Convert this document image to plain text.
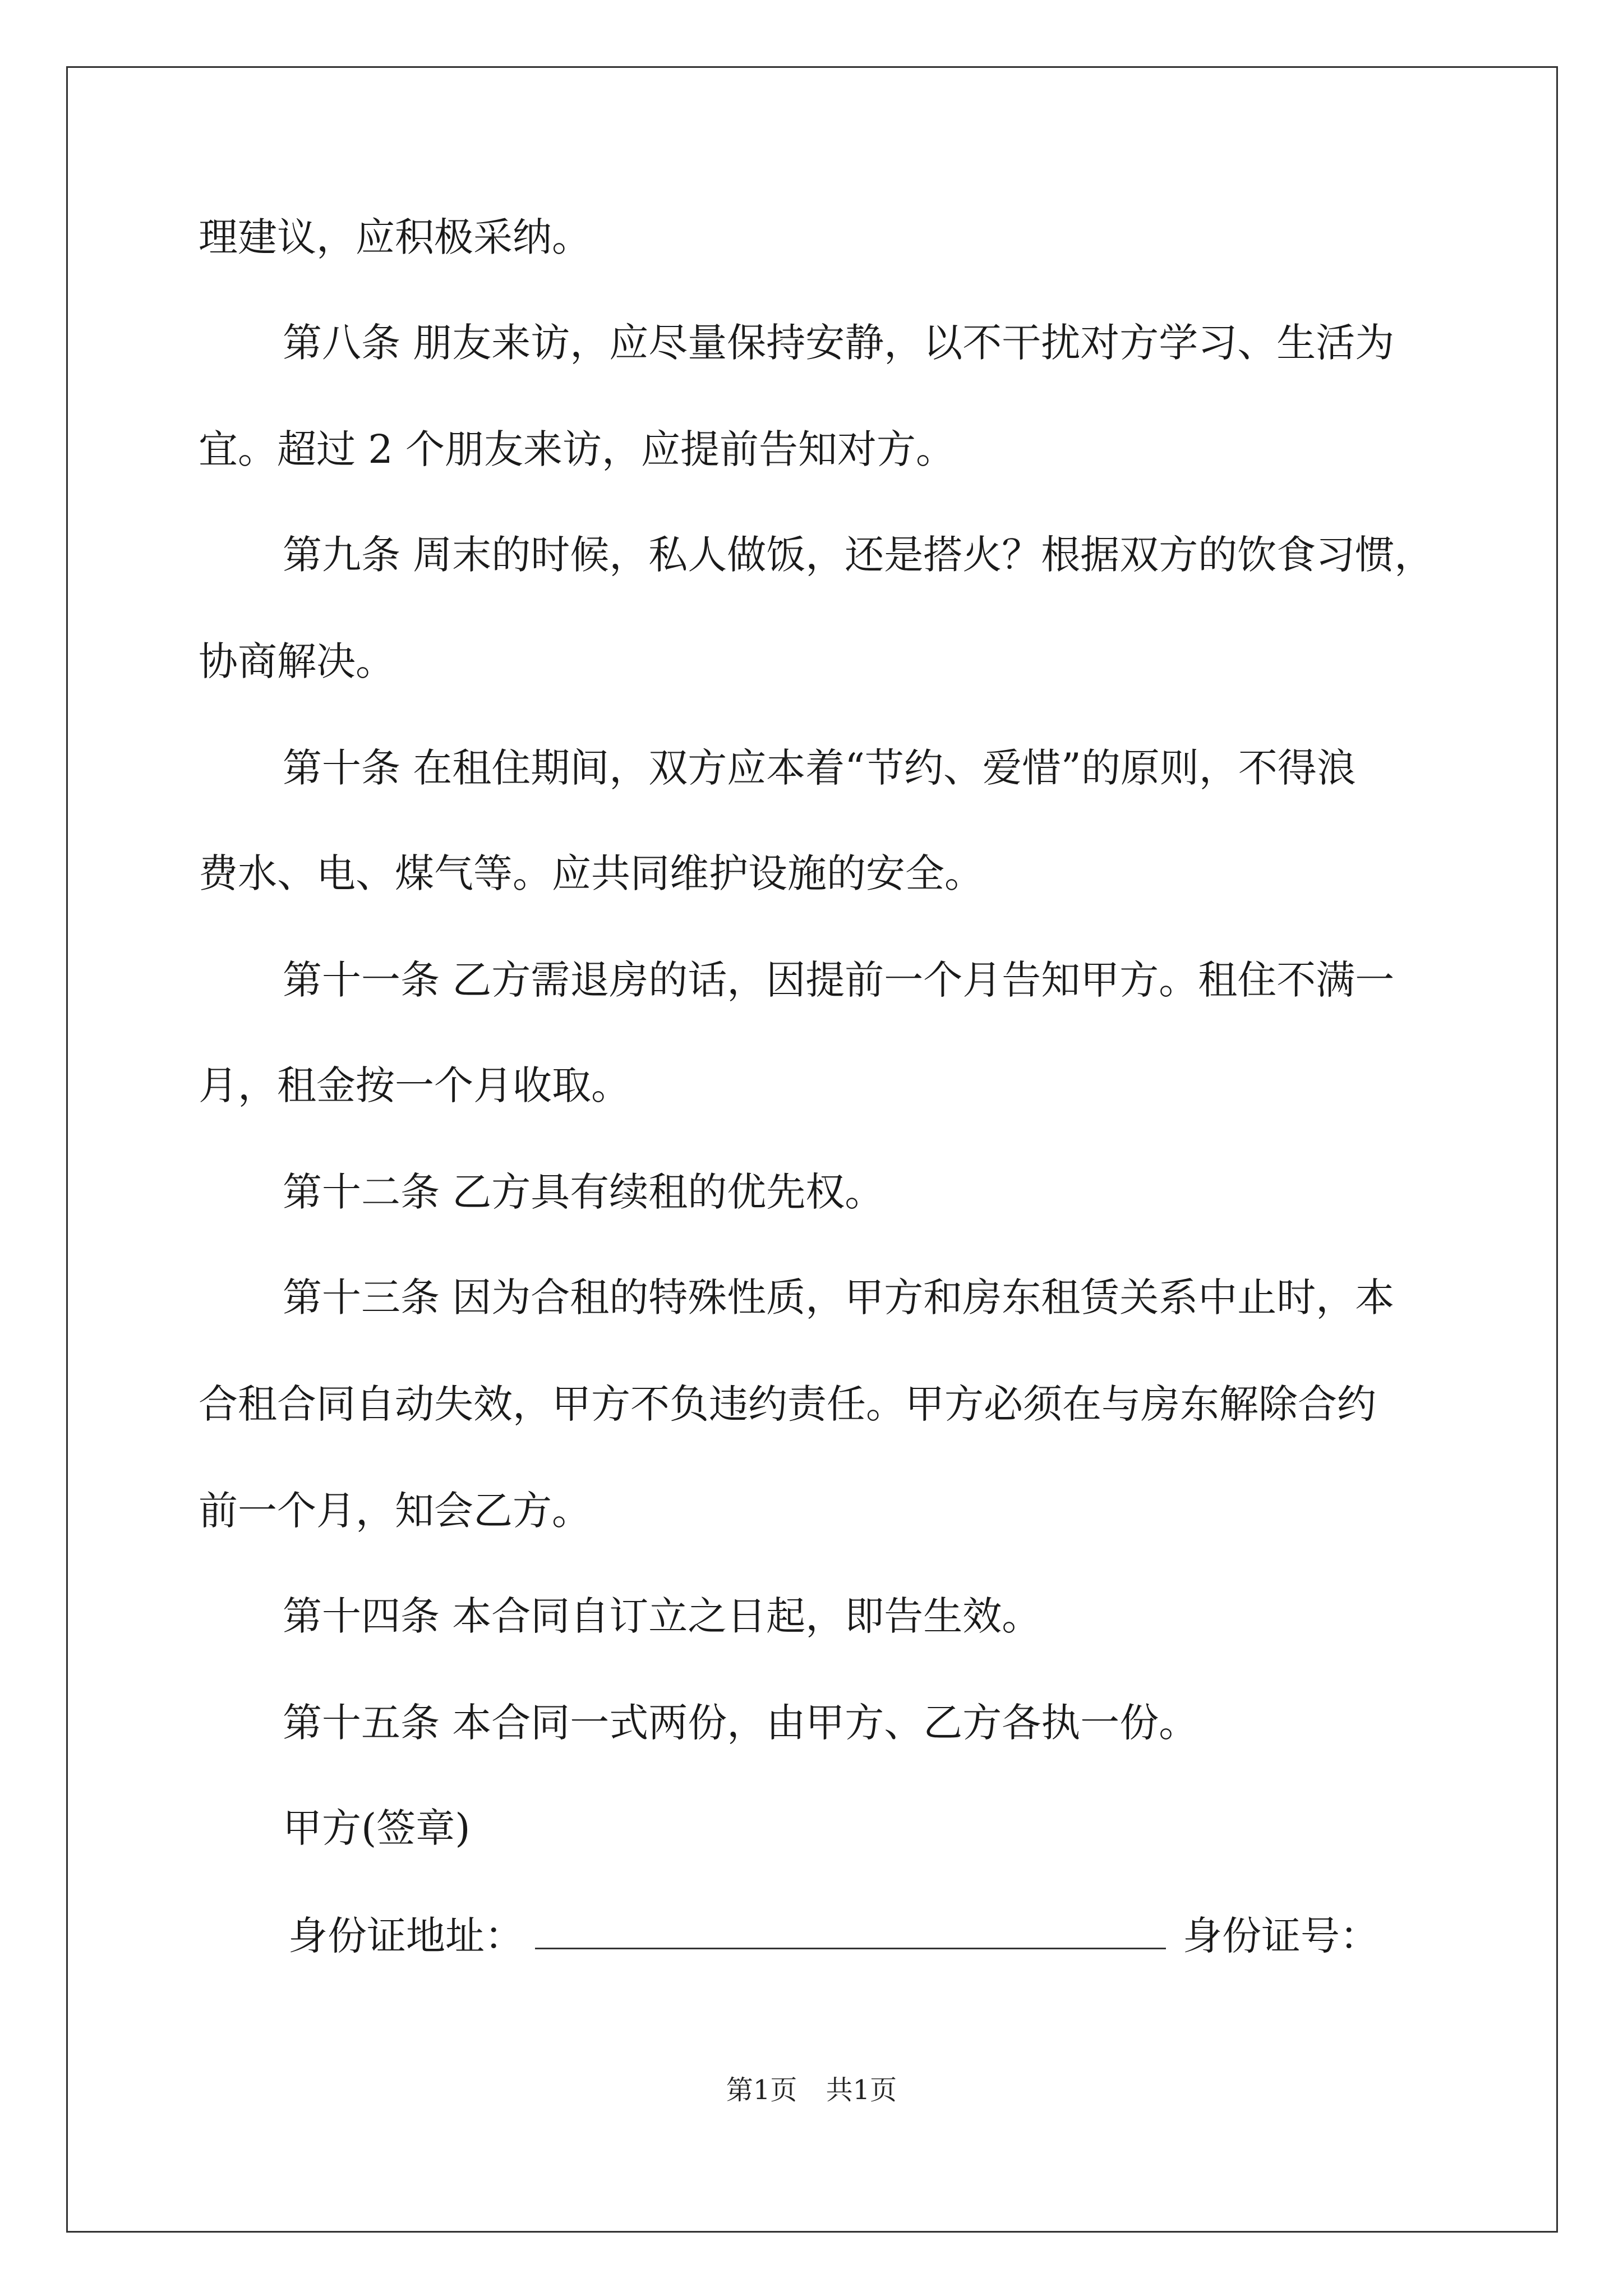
理建议，应积极采纳。
第八条 朋友来访，应尽量保持安静，以不干扰对方学习、生活为
宜。超过 2 个朋友来访，应提前告知对方。
第九条 周末的时候，私人做饭，还是搭火？根据双方的饮食习惯，
协商解决。
第十条 在租住期间，双方应本着“节约、爱惜”的原则，不得浪
费水、电、煤气等。应共同维护设施的安全。
第十一条 乙方需退房的话，因提前一个月告知甲方。租住不满一
月，租金按一个月收取。
第十二条 乙方具有续租的优先权。
第十三条 因为合租的特殊性质，甲方和房东租赁关系中止时，本
合租合同自动失效，甲方不负违约责任。甲方必须在与房东解除合约
前一个月，知会乙方。
第十四条 本合同自订立之日起，即告生效。
第十五条 本合同一式两份，由甲方、乙方各执一份。
甲方(签章)
身份证地址：	身份证号：
第1页 共1页
